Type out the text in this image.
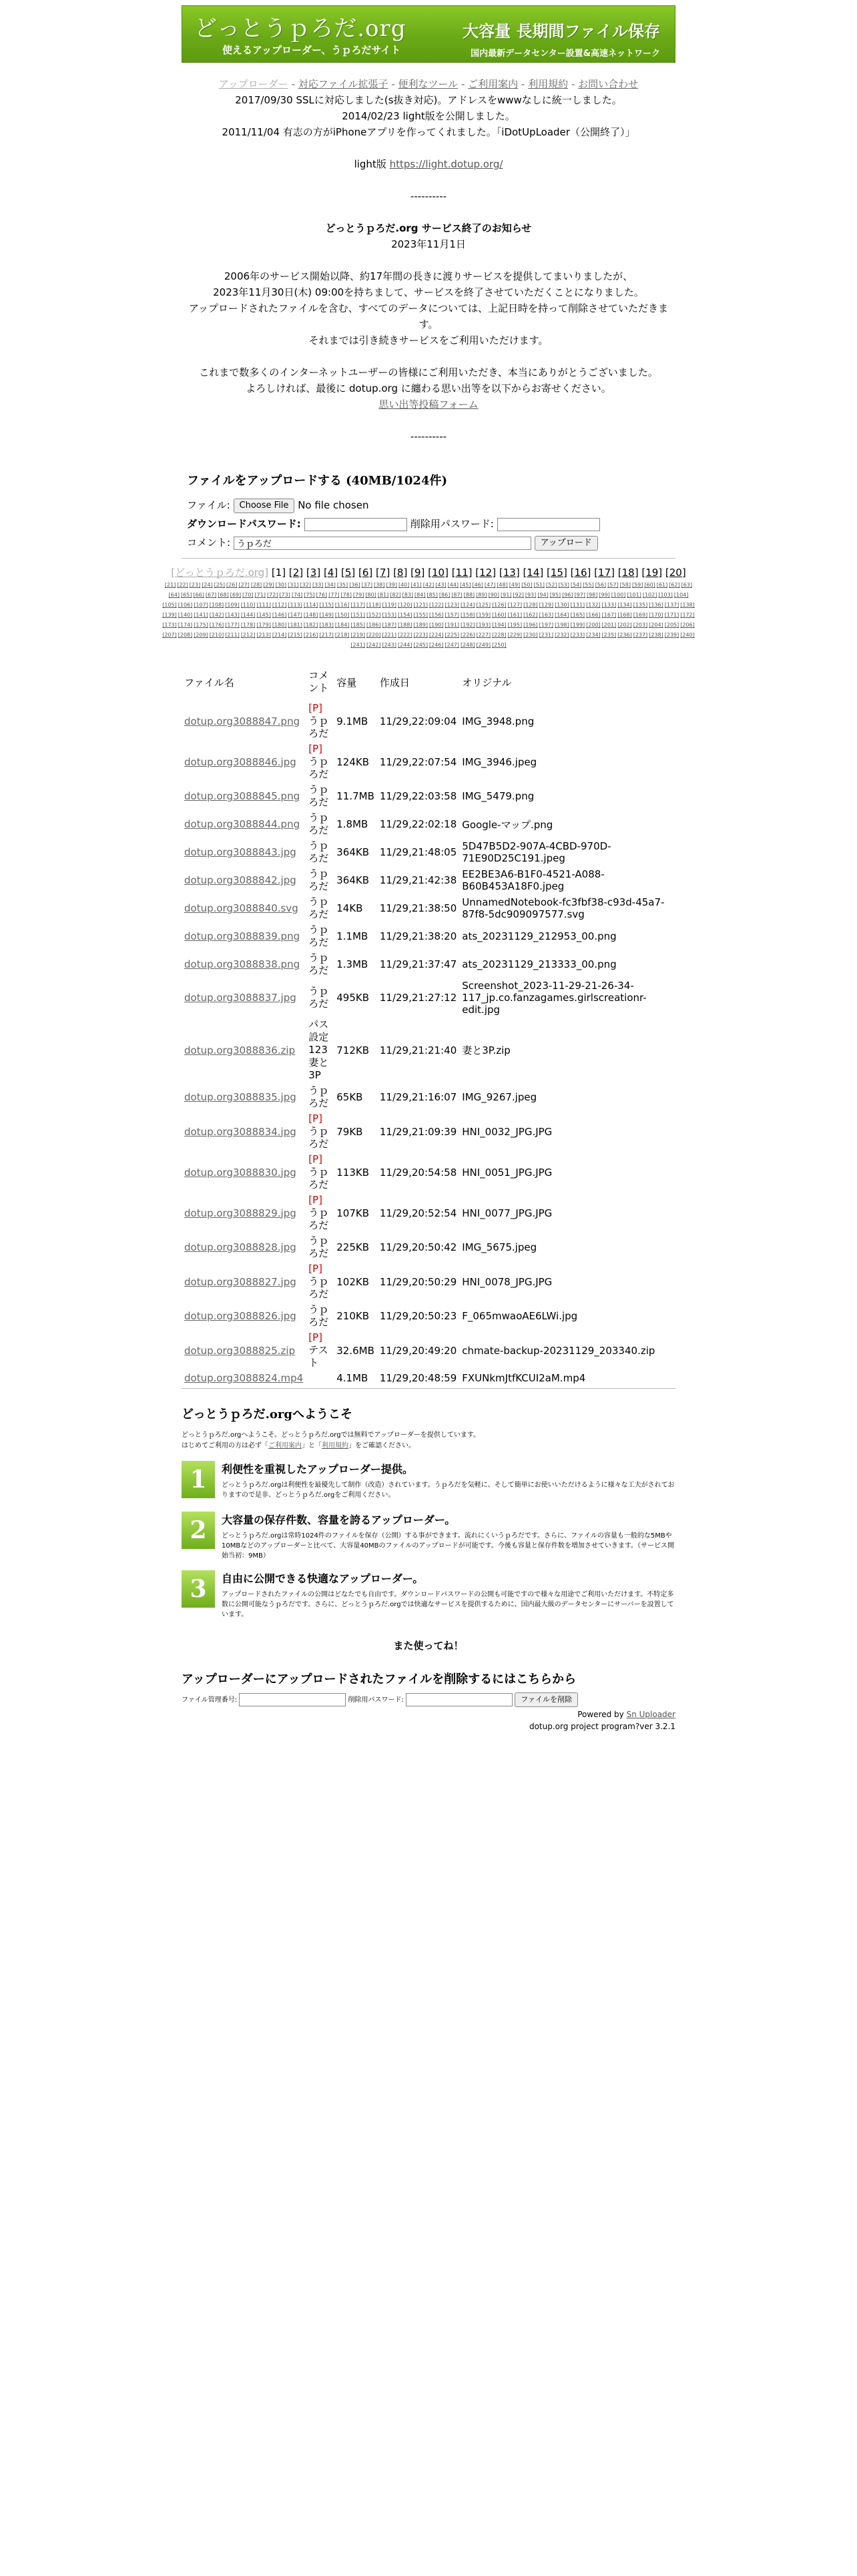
どっとうｐろだ.org
使えるアップローダー、うｐろだサイト
大容量 長期間ファイル保存
国内最新データセンター設置&高速ネットワーク
アップローダー - 対応ファイル拡張子 - 便利なツール - ご利用案内 - 利用規約 - お問い合わせ
2017/09/30 SSLに対応しました(s抜き対応)。アドレスをwwwなしに統一しました。
2014/02/23 light版を公開しました。
2011/11/04 有志の方がiPhoneアプリを作ってくれました。「iDotUpLoader（公開終了）」
light版 https://light.dotup.org/
----------
どっとうｐろだ.org サービス終了のお知らせ
2023年11月1日
2006年のサービス開始以降、約17年間の長きに渡りサービスを提供してまいりましたが、
2023年11月30日(木) 09:00を持ちまして、サービスを終了させていただくことになりました。
アップロードされたファイルを含む、すべてのデータについては、上記日時を持って削除させていただきます。
それまでは引き続きサービスをご利用いただけます。
これまで数多くのインターネットユーザーの皆様にご利用いただき、本当にありがとうございました。
よろしければ、最後に dotup.org に纏わる思い出等を以下からお寄せください。
思い出等投稿フォーム
----------
ファイルをアップロードする (40MB/1024件)
ファイル: Choose File No file chosen
ダウンロードパスワード:	削除用パスワード:
コメント: うｐろだ	アップロード
[どっとうｐろだ.org] [1] [2] [3] [4] [5] [6] [7] [8] [9] [10] [11] [12] [13] [14] [15] [16] [17] [18] [19] [20]
[21] [22] [23] [24] [25] [26] [27] [28] [29] [30] [31] [32] [33] [34] [35] [36] [37] [38] [39] [40] [41] [42] [43] [44] [45] [46] [47] [48] [49] [50] [51] [52] [53] [54] [55] [56] [57] [58] [59] [60] [61] [62] [63][64] [65] [66] [67] [68] [69] [70] [71] [72] [73] [74] [75] [76] [77] [78] [79] [80] [81] [82] [83] [84] [85] [86] [87] [88] [89] [90] [91] [92] [93] [94] [95] [96] [97] [98] [99] [100] [101] [102] [103] [104][105] [106] [107] [108] [109] [110] [111] [112] [113] [114] [115] [116] [117] [118] [119] [120] [121] [122] [123] [124] [125] [126] [127] [128] [129] [130] [131] [132] [133] [134] [135] [136] [137] [138][139] [140] [141] [142] [143] [144] [145] [146] [147] [148] [149] [150] [151] [152] [153] [154] [155] [156] [157] [158] [159] [160] [161] [162] [163] [164] [165] [166] [167] [168] [169] [170] [171] [172][173] [174] [175] [176] [177] [178] [179] [180] [181] [182] [183] [184] [185] [186] [187] [188] [189] [190] [191] [192] [193] [194] [195] [196] [197] [198] [199] [200] [201] [202] [203] [204] [205] [206][207] [208] [209] [210] [211] [212] [213] [214] [215] [216] [217] [218] [219] [220] [221] [222] [223] [224] [225] [226] [227] [228] [229] [230] [231] [232] [233] [234] [235] [236] [237] [238] [239] [240][241] [242] [243] [244] [245] [246] [247] [248] [249] [250]
ファイル名	コメント	容量	作成日	オリジナル
dotup.org3088847.png	[P]うｐろだ	9.1MB	11/29,22:09:04	IMG_3948.png
dotup.org3088846.jpg	[P]うｐろだ	124KB	11/29,22:07:54	IMG_3946.jpeg
dotup.org3088845.png	うｐろだ	11.7MB	11/29,22:03:58	IMG_5479.png
dotup.org3088844.png	うｐろだ	1.8MB	11/29,22:02:18	Google-マップ.png
dotup.org3088843.jpg	うｐろだ	364KB	11/29,21:48:05	5D47B5D2-907A-4CBD-970D-71E90D25C191.jpeg
dotup.org3088842.jpg	うｐろだ	364KB	11/29,21:42:38	EE2BE3A6-B1F0-4521-A088-B60B453A18F0.jpeg
dotup.org3088840.svg	うｐろだ	14KB	11/29,21:38:50	UnnamedNotebook-fc3fbf38-c93d-45a7-87f8-5dc909097577.svg
dotup.org3088839.png	うｐろだ	1.1MB	11/29,21:38:20	ats_20231129_212953_00.png
dotup.org3088838.png	うｐろだ	1.3MB	11/29,21:37:47	ats_20231129_213333_00.png
dotup.org3088837.jpg	うｐろだ	495KB	11/29,21:27:12	Screenshot_2023-11-29-21-26-34-117_jp.co.fanzagames.girlscreationr-edit.jpg
dotup.org3088836.zip	パス設定123妻と3P	712KB	11/29,21:21:40	妻と3P.zip
dotup.org3088835.jpg	うｐろだ	65KB	11/29,21:16:07	IMG_9267.jpeg
dotup.org3088834.jpg	[P]うｐろだ	79KB	11/29,21:09:39	HNI_0032_JPG.JPG
dotup.org3088830.jpg	[P]うｐろだ	113KB	11/29,20:54:58	HNI_0051_JPG.JPG
dotup.org3088829.jpg	[P]うｐろだ	107KB	11/29,20:52:54	HNI_0077_JPG.JPG
dotup.org3088828.jpg	うｐろだ	225KB	11/29,20:50:42	IMG_5675.jpeg
dotup.org3088827.jpg	[P]うｐろだ	102KB	11/29,20:50:29	HNI_0078_JPG.JPG
dotup.org3088826.jpg	うｐろだ	210KB	11/29,20:50:23	F_065mwaoAE6LWi.jpg
dotup.org3088825.zip	[P]テスト	32.6MB	11/29,20:49:20	chmate-backup-20231129_203340.zip
dotup.org3088824.mp4		4.1MB	11/29,20:48:59	FXUNkmJtfKCUI2aM.mp4
どっとうｐろだ.orgへようこそ
どっとうｐろだ.orgへようこそ。どっとうｐろだ.orgでは無料でアップローダーを提供しています。
はじめてご利用の方は必ず「ご利用案内」と「利用規約」をご確認ください。
1	利便性を重視したアップローダー提供。
どっとうｐろだ.orgは利便性を最優先して制作（改造）されています。うｐろだを気軽に、そして簡単にお使いいただけるように様々な工夫がされておりますので是非、どっとうｐろだ.orgをご利用ください。
2	大容量の保存件数、容量を誇るアップローダー。
どっとうｐろだ.orgは常時1024件のファイルを保存（公開）する事ができます。流れにくいうｐろだです。さらに、ファイルの容量も一般的な5MBや10MBなどのアップローダーと比べて、大容量40MBのファイルのアップロードが可能です。今後も容量と保存件数を増加させていきます。（サービス開始当初：9MB）
3	自由に公開できる快適なアップローダー。
アップロードされたファイルの公開はどなたでも自由です。ダウンロードパスワードの公開も可能ですので様々な用途でご利用いただけます。不特定多数に公開可能なうｐろだです。さらに、どっとうｐろだ.orgでは快適なサービスを提供するために、国内最大級のデータセンターにサーバーを設置しています。
また使ってね！
アップローダーにアップロードされたファイルを削除するにはこちらから
ファイル管理番号:	削除用パスワード:	ファイルを削除
Powered by Sn Uploader
dotup.org project program?ver 3.2.1
